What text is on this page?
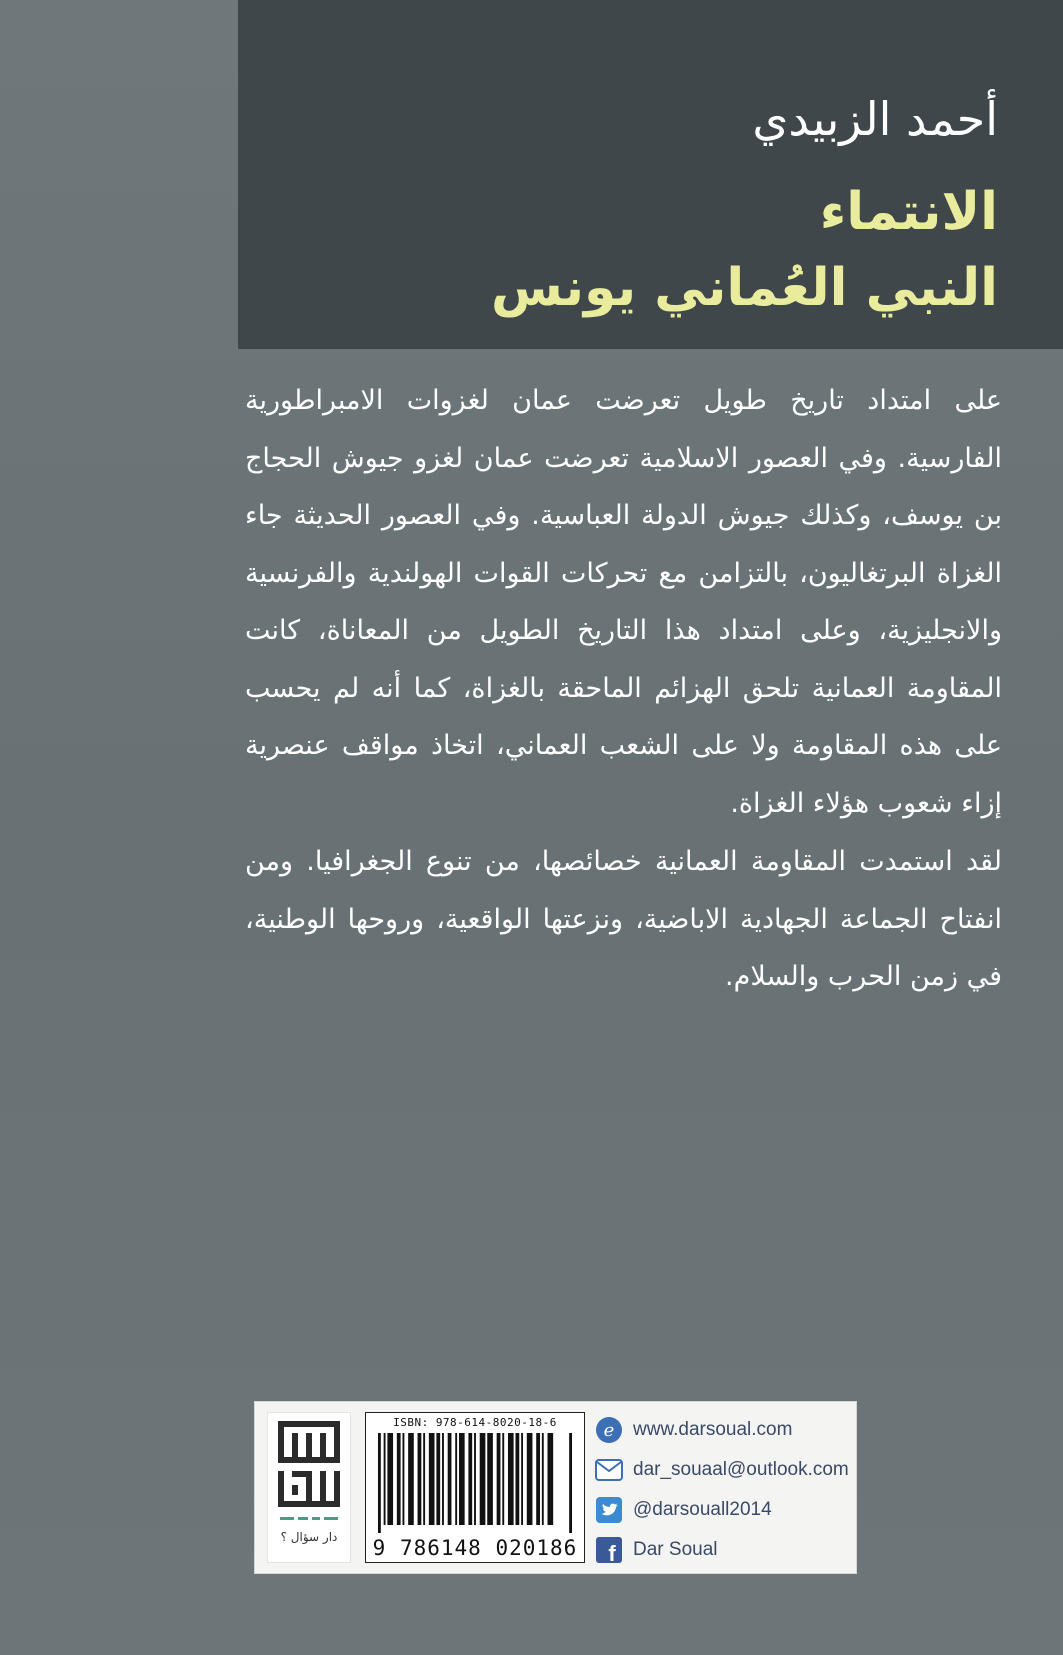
أحمد الزبيدي
الانتماء
النبي العُماني يونس

على امتداد تاريخ طويل تعرضت عمان لغزوات الامبراطورية الفارسية. وفي العصور الاسلامية تعرضت عمان لغزو جيوش الحجاج بن يوسف، وكذلك جيوش الدولة العباسية. وفي العصور الحديثة جاء الغزاة البرتغاليون، بالتزامن مع تحركات القوات الهولندية والفرنسية والانجليزية، وعلى امتداد هذا التاريخ الطويل من المعاناة، كانت المقاومة العمانية تلحق الهزائم الماحقة بالغزاة، كما أنه لم يحسب على هذه المقاومة ولا على الشعب العماني، اتخاذ مواقف عنصرية إزاء شعوب هؤلاء الغزاة.

لقد استمدت المقاومة العمانية خصائصها، من تنوع الجغرافيا. ومن انفتاح الجماعة الجهادية الاباضية، ونزعتها الواقعية، وروحها الوطنية، في زمن الحرب والسلام.

دار سؤال ؟
ISBN: 978-614-8020-18-6
9 786148 020186
e www.darsoual.com
dar_souaal@outlook.com
@darsouall2014
f Dar Soual
